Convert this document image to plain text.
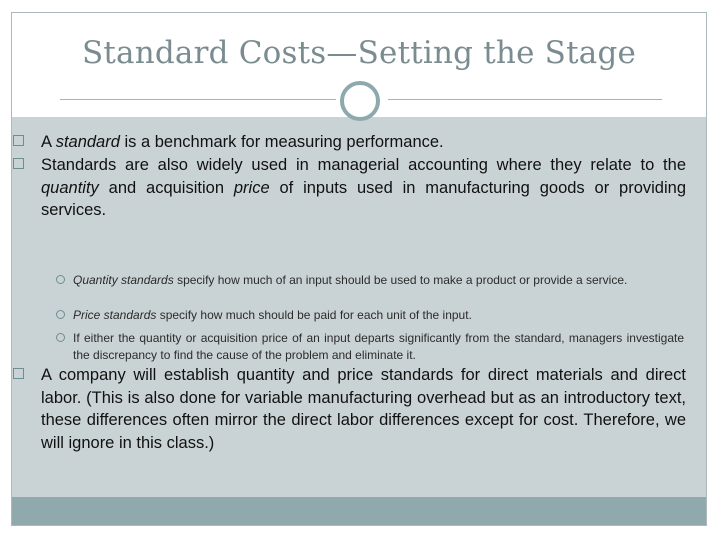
Standard Costs—Setting the Stage
A standard is a benchmark for measuring performance.
Standards are also widely used in managerial accounting where they relate to the quantity and acquisition price of inputs used in manufacturing goods or providing services.
Quantity standards specify how much of an input should be used to make a product or provide a service.
Price standards specify how much should be paid for each unit of the input.
If either the quantity or acquisition price of an input departs significantly from the standard, managers investigate the discrepancy to find the cause of the problem and eliminate it.
A company will establish quantity and price standards for direct materials and direct labor. (This is also done for variable manufacturing overhead but as an introductory text, these differences often mirror the direct labor differences except for cost. Therefore, we will ignore in this class.)
